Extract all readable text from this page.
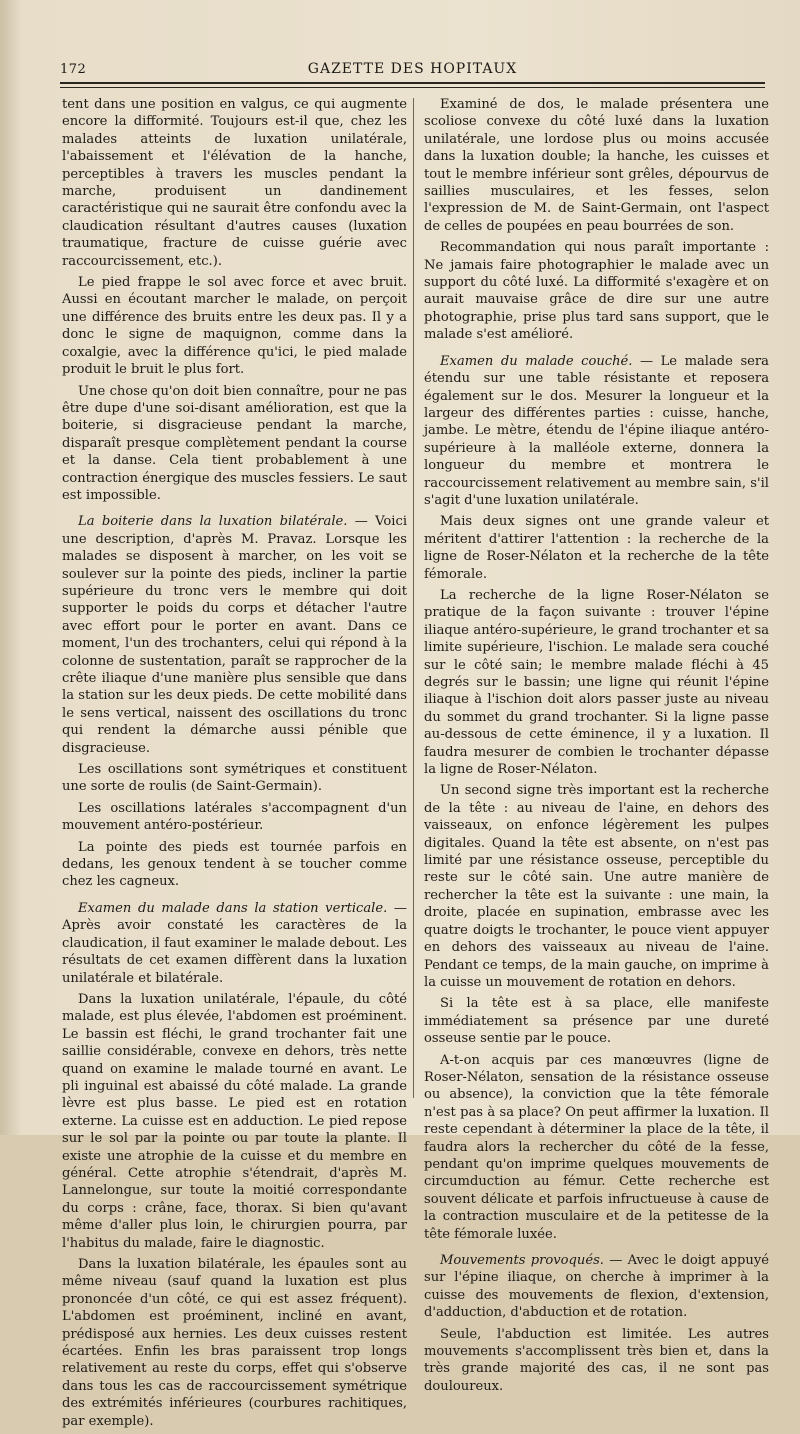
172	GAZETTE DES HOPITAUX

tent dans une position en valgus, ce qui augmente encore la difformité. Toujours est-il que, chez les malades atteints de luxation unilatérale, l'abaissement et l'élévation de la hanche, perceptibles à travers les muscles pendant la marche, produisent un dandinement caractéristique qui ne saurait être confondu avec la claudication résultant d'autres causes (luxation traumatique, fracture de cuisse guérie avec raccourcissement, etc.).

Le pied frappe le sol avec force et avec bruit. Aussi en écoutant marcher le malade, on perçoit une différence des bruits entre les deux pas. Il y a donc le signe de maquignon, comme dans la coxalgie, avec la différence qu'ici, le pied malade produit le bruit le plus fort.

Une chose qu'on doit bien connaître, pour ne pas être dupe d'une soi-disant amélioration, est que la boiterie, si disgracieuse pendant la marche, disparaît presque complètement pendant la course et la danse. Cela tient probablement à une contraction énergique des muscles fessiers. Le saut est impossible.

La boiterie dans la luxation bilatérale. — Voici une description, d'après M. Pravaz. Lorsque les malades se disposent à marcher, on les voit se soulever sur la pointe des pieds, incliner la partie supérieure du tronc vers le membre qui doit supporter le poids du corps et détacher l'autre avec effort pour le porter en avant. Dans ce moment, l'un des trochanters, celui qui répond à la colonne de sustentation, paraît se rapprocher de la crête iliaque d'une manière plus sensible que dans la station sur les deux pieds. De cette mobilité dans le sens vertical, naissent des oscillations du tronc qui rendent la démarche aussi pénible que disgracieuse.

Les oscillations sont symétriques et constituent une sorte de roulis (de Saint-Germain).

Les oscillations latérales s'accompagnent d'un mouvement antéro-postérieur.

La pointe des pieds est tournée parfois en dedans, les genoux tendent à se toucher comme chez les cagneux.

Examen du malade dans la station verticale. — Après avoir constaté les caractères de la claudication, il faut examiner le malade debout. Les résultats de cet examen diffèrent dans la luxation unilatérale et bilatérale.

Dans la luxation unilatérale, l'épaule, du côté malade, est plus élevée, l'abdomen est proéminent. Le bassin est fléchi, le grand trochanter fait une saillie considérable, convexe en dehors, très nette quand on examine le malade tourné en avant. Le pli inguinal est abaissé du côté malade. La grande lèvre est plus basse. Le pied est en rotation externe. La cuisse est en adduction. Le pied repose sur le sol par la pointe ou par toute la plante. Il existe une atrophie de la cuisse et du membre en général. Cette atrophie s'étendrait, d'après M. Lannelongue, sur toute la moitié correspondante du corps : crâne, face, thorax. Si bien qu'avant même d'aller plus loin, le chirurgien pourra, par l'habitus du malade, faire le diagnostic.

Dans la luxation bilatérale, les épaules sont au même niveau (sauf quand la luxation est plus prononcée d'un côté, ce qui est assez fréquent). L'abdomen est proéminent, incliné en avant, prédisposé aux hernies. Les deux cuisses restent écartées. Enfin les bras paraissent trop longs relativement au reste du corps, effet qui s'observe dans tous les cas de raccourcissement symétrique des extrémités inférieures (courbures rachitiques, par exemple).

Examiné de dos, le malade présentera une scoliose convexe du côté luxé dans la luxation unilatérale, une lordose plus ou moins accusée dans la luxation double; la hanche, les cuisses et tout le membre inférieur sont grêles, dépourvus de saillies musculaires, et les fesses, selon l'expression de M. de Saint-Germain, ont l'aspect de celles de poupées en peau bourrées de son.

Recommandation qui nous paraît importante : Ne jamais faire photographier le malade avec un support du côté luxé. La difformité s'exagère et on aurait mauvaise grâce de dire sur une autre photographie, prise plus tard sans support, que le malade s'est amélioré.

Examen du malade couché. — Le malade sera étendu sur une table résistante et reposera également sur le dos. Mesurer la longueur et la largeur des différentes parties : cuisse, hanche, jambe. Le mètre, étendu de l'épine iliaque antéro-supérieure à la malléole externe, donnera la longueur du membre et montrera le raccourcissement relativement au membre sain, s'il s'agit d'une luxation unilatérale.

Mais deux signes ont une grande valeur et méritent d'attirer l'attention : la recherche de la ligne de Roser-Nélaton et la recherche de la tête fémorale.

La recherche de la ligne Roser-Nélaton se pratique de la façon suivante : trouver l'épine iliaque antéro-supérieure, le grand trochanter et sa limite supérieure, l'ischion. Le malade sera couché sur le côté sain; le membre malade fléchi à 45 degrés sur le bassin; une ligne qui réunit l'épine iliaque à l'ischion doit alors passer juste au niveau du sommet du grand trochanter. Si la ligne passe au-dessous de cette éminence, il y a luxation. Il faudra mesurer de combien le trochanter dépasse la ligne de Roser-Nélaton.

Un second signe très important est la recherche de la tête : au niveau de l'aine, en dehors des vaisseaux, on enfonce légèrement les pulpes digitales. Quand la tête est absente, on n'est pas limité par une résistance osseuse, perceptible du reste sur le côté sain. Une autre manière de rechercher la tête est la suivante : une main, la droite, placée en supination, embrasse avec les quatre doigts le trochanter, le pouce vient appuyer en dehors des vaisseaux au niveau de l'aine. Pendant ce temps, de la main gauche, on imprime à la cuisse un mouvement de rotation en dehors.

Si la tête est à sa place, elle manifeste immédiatement sa présence par une dureté osseuse sentie par le pouce.

A-t-on acquis par ces manœuvres (ligne de Roser-Nélaton, sensation de la résistance osseuse ou absence), la conviction que la tête fémorale n'est pas à sa place? On peut affirmer la luxation. Il reste cependant à déterminer la place de la tête, il faudra alors la rechercher du côté de la fesse, pendant qu'on imprime quelques mouvements de circumduction au fémur. Cette recherche est souvent délicate et parfois infructueuse à cause de la contraction musculaire et de la petitesse de la tête fémorale luxée.

Mouvements provoqués. — Avec le doigt appuyé sur l'épine iliaque, on cherche à imprimer à la cuisse des mouvements de flexion, d'extension, d'adduction, d'abduction et de rotation.

Seule, l'abduction est limitée. Les autres mouvements s'accomplissent très bien et, dans la très grande majorité des cas, il ne sont pas douloureux.
